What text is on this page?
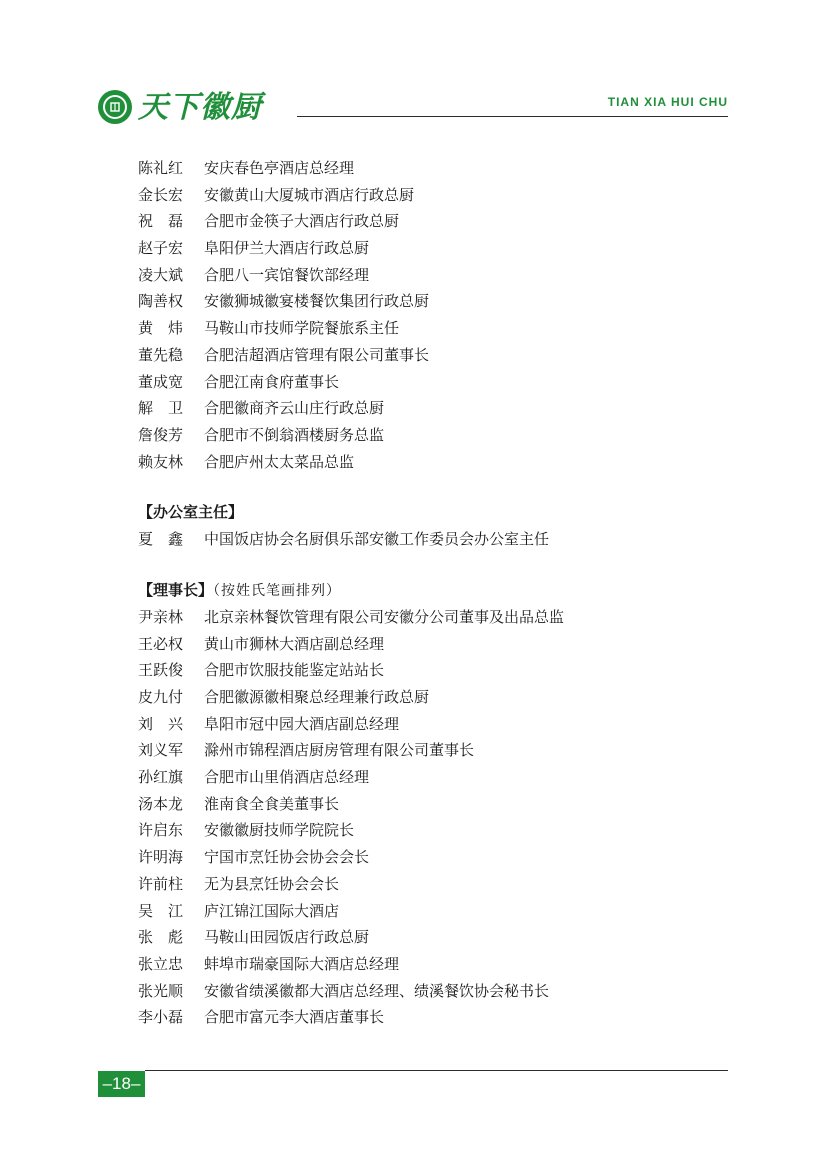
天下徽厨	TIAN XIA HUI CHU
陈礼红	安庆春色亭酒店总经理
金长宏	安徽黄山大厦城市酒店行政总厨
祝　磊	合肥市金筷子大酒店行政总厨
赵子宏	阜阳伊兰大酒店行政总厨
凌大斌	合肥八一宾馆餐饮部经理
陶善权	安徽狮城徽宴楼餐饮集团行政总厨
黄　炜	马鞍山市技师学院餐旅系主任
董先稳	合肥洁超酒店管理有限公司董事长
董成宽	合肥江南食府董事长
解　卫	合肥徽商齐云山庄行政总厨
詹俊芳	合肥市不倒翁酒楼厨务总监
赖友林	合肥庐州太太菜品总监
【办公室主任】
夏　鑫	中国饭店协会名厨俱乐部安徽工作委员会办公室主任
【理事长】（按姓氏笔画排列）
尹亲林	北京亲林餐饮管理有限公司安徽分公司董事及出品总监
王必权	黄山市狮林大酒店副总经理
王跃俊	合肥市饮服技能鉴定站站长
皮九付	合肥徽源徽相聚总经理兼行政总厨
刘　兴	阜阳市冠中园大酒店副总经理
刘义军	滁州市锦程酒店厨房管理有限公司董事长
孙红旗	合肥市山里俏酒店总经理
汤本龙	淮南食全食美董事长
许启东	安徽徽厨技师学院院长
许明海	宁国市烹饪协会协会会长
许前柱	无为县烹饪协会会长
吴　江	庐江锦江国际大酒店
张　彪	马鞍山田园饭店行政总厨
张立忠	蚌埠市瑞豪国际大酒店总经理
张光顺	安徽省绩溪徽都大酒店总经理、绩溪餐饮协会秘书长
李小磊	合肥市富元李大酒店董事长
–18–
